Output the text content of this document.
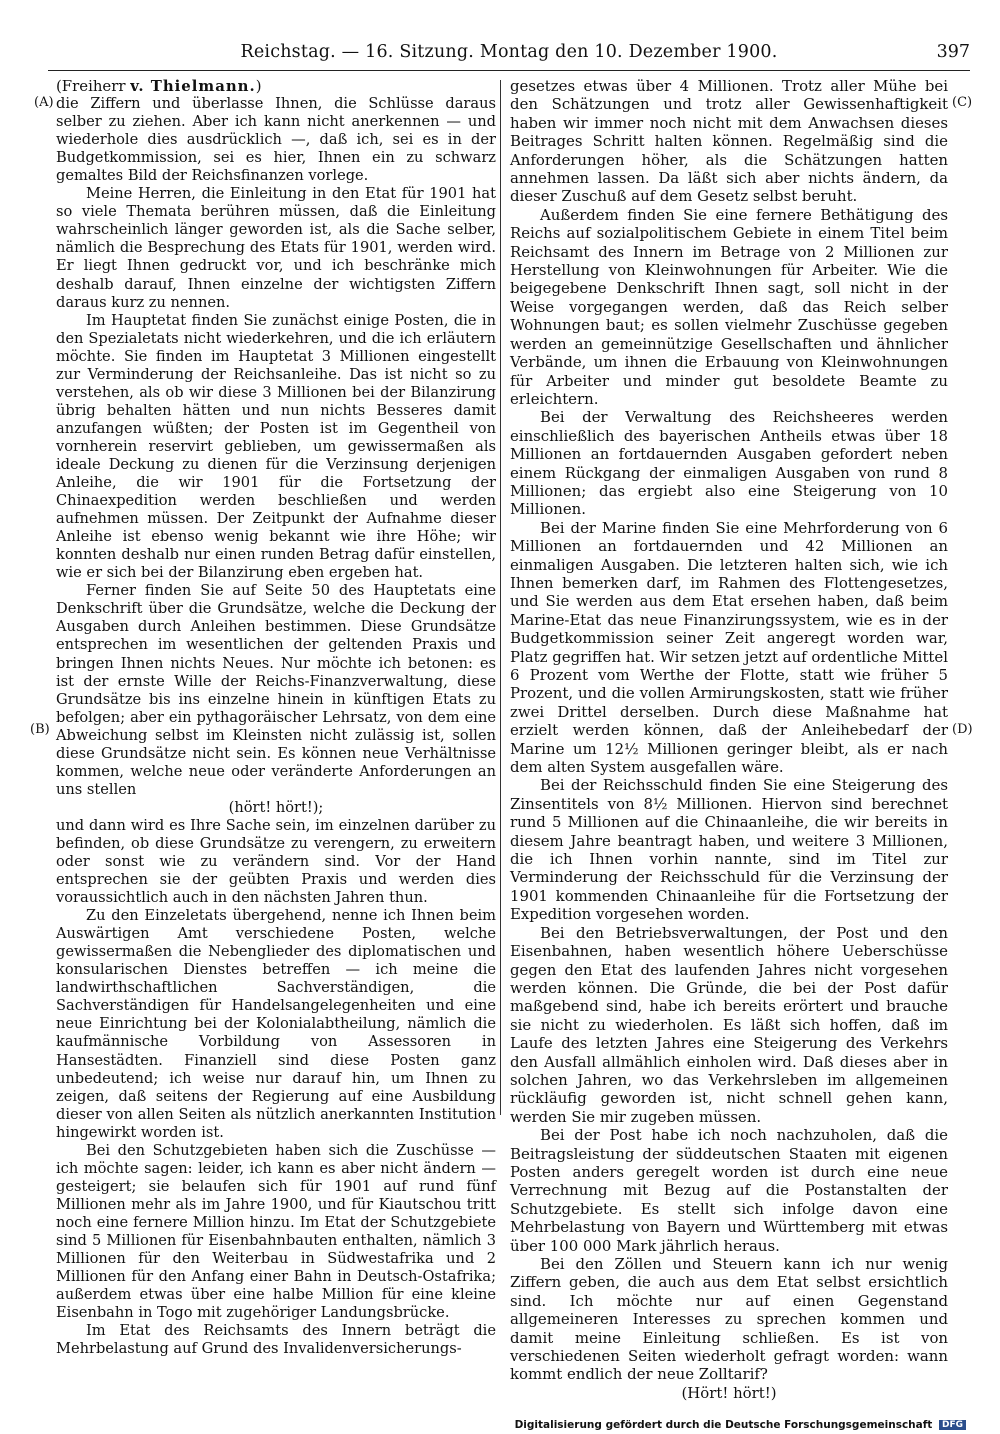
Reichstag. — 16. Sitzung. Montag den 10. Dezember 1900.	397
(A)
(B)
(C)
(D)
(Freiherr v. Thielmann.)

die Ziffern und überlasse Ihnen, die Schlüsse daraus selber zu ziehen. Aber ich kann nicht anerkennen — und wiederhole dies ausdrücklich —, daß ich, sei es in der Budgetkommission, sei es hier, Ihnen ein zu schwarz gemaltes Bild der Reichsfinanzen vorlege.

Meine Herren, die Einleitung in den Etat für 1901 hat so viele Themata berühren müssen, daß die Einleitung wahrscheinlich länger geworden ist, als die Sache selber, nämlich die Besprechung des Etats für 1901, werden wird. Er liegt Ihnen gedruckt vor, und ich beschränke mich deshalb darauf, Ihnen einzelne der wichtigsten Ziffern daraus kurz zu nennen.

Im Hauptetat finden Sie zunächst einige Posten, die in den Spezialetats nicht wiederkehren, und die ich erläutern möchte. Sie finden im Hauptetat 3 Millionen eingestellt zur Verminderung der Reichsanleihe. Das ist nicht so zu verstehen, als ob wir diese 3 Millionen bei der Bilanzirung übrig behalten hätten und nun nichts Besseres damit anzufangen wüßten; der Posten ist im Gegentheil von vornherein reservirt geblieben, um gewissermaßen als ideale Deckung zu dienen für die Verzinsung derjenigen Anleihe, die wir 1901 für die Fortsetzung der Chinaexpedition werden beschließen und werden aufnehmen müssen. Der Zeitpunkt der Aufnahme dieser Anleihe ist ebenso wenig bekannt wie ihre Höhe; wir konnten deshalb nur einen runden Betrag dafür einstellen, wie er sich bei der Bilanzirung eben ergeben hat.

Ferner finden Sie auf Seite 50 des Hauptetats eine Denkschrift über die Grundsätze, welche die Deckung der Ausgaben durch Anleihen bestimmen. Diese Grundsätze entsprechen im wesentlichen der geltenden Praxis und bringen Ihnen nichts Neues. Nur möchte ich betonen: es ist der ernste Wille der Reichs-Finanzverwaltung, diese Grundsätze bis ins einzelne hinein in künftigen Etats zu befolgen; aber ein pythagoräischer Lehrsatz, von dem eine Abweichung selbst im Kleinsten nicht zulässig ist, sollen diese Grundsätze nicht sein. Es können neue Verhältnisse kommen, welche neue oder veränderte Anforderungen an uns stellen

(hört! hört!);

und dann wird es Ihre Sache sein, im einzelnen darüber zu befinden, ob diese Grundsätze zu verengern, zu erweitern oder sonst wie zu verändern sind. Vor der Hand entsprechen sie der geübten Praxis und werden dies voraussichtlich auch in den nächsten Jahren thun.

Zu den Einzeletats übergehend, nenne ich Ihnen beim Auswärtigen Amt verschiedene Posten, welche gewissermaßen die Nebenglieder des diplomatischen und konsularischen Dienstes betreffen — ich meine die landwirthschaftlichen Sachverständigen, die Sachverständigen für Handelsangelegenheiten und eine neue Einrichtung bei der Kolonialabtheilung, nämlich die kaufmännische Vorbildung von Assessoren in Hansestädten. Finanziell sind diese Posten ganz unbedeutend; ich weise nur darauf hin, um Ihnen zu zeigen, daß seitens der Regierung auf eine Ausbildung dieser von allen Seiten als nützlich anerkannten Institution hingewirkt worden ist.

Bei den Schutzgebieten haben sich die Zuschüsse — ich möchte sagen: leider, ich kann es aber nicht ändern — gesteigert; sie belaufen sich für 1901 auf rund fünf Millionen mehr als im Jahre 1900, und für Kiautschou tritt noch eine fernere Million hinzu. Im Etat der Schutzgebiete sind 5 Millionen für Eisenbahnbauten enthalten, nämlich 3 Millionen für den Weiterbau in Südwestafrika und 2 Millionen für den Anfang einer Bahn in Deutsch-Ostafrika; außerdem etwas über eine halbe Million für eine kleine Eisenbahn in Togo mit zugehöriger Landungsbrücke.

Im Etat des Reichsamts des Innern beträgt die Mehrbelastung auf Grund des Invalidenversicherungs-

gesetzes etwas über 4 Millionen. Trotz aller Mühe bei den Schätzungen und trotz aller Gewissenhaftigkeit haben wir immer noch nicht mit dem Anwachsen dieses Beitrages Schritt halten können. Regelmäßig sind die Anforderungen höher, als die Schätzungen hatten annehmen lassen. Da läßt sich aber nichts ändern, da dieser Zuschuß auf dem Gesetz selbst beruht.

Außerdem finden Sie eine fernere Bethätigung des Reichs auf sozialpolitischem Gebiete in einem Titel beim Reichsamt des Innern im Betrage von 2 Millionen zur Herstellung von Kleinwohnungen für Arbeiter. Wie die beigegebene Denkschrift Ihnen sagt, soll nicht in der Weise vorgegangen werden, daß das Reich selber Wohnungen baut; es sollen vielmehr Zuschüsse gegeben werden an gemeinnützige Gesellschaften und ähnlicher Verbände, um ihnen die Erbauung von Kleinwohnungen für Arbeiter und minder gut besoldete Beamte zu erleichtern.

Bei der Verwaltung des Reichsheeres werden einschließlich des bayerischen Antheils etwas über 18 Millionen an fortdauernden Ausgaben gefordert neben einem Rückgang der einmaligen Ausgaben von rund 8 Millionen; das ergiebt also eine Steigerung von 10 Millionen.

Bei der Marine finden Sie eine Mehrforderung von 6 Millionen an fortdauernden und 42 Millionen an einmaligen Ausgaben. Die letzteren halten sich, wie ich Ihnen bemerken darf, im Rahmen des Flottengesetzes, und Sie werden aus dem Etat ersehen haben, daß beim Marine-Etat das neue Finanzirungssystem, wie es in der Budgetkommission seiner Zeit angeregt worden war, Platz gegriffen hat. Wir setzen jetzt auf ordentliche Mittel 6 Prozent vom Werthe der Flotte, statt wie früher 5 Prozent, und die vollen Armirungskosten, statt wie früher zwei Drittel derselben. Durch diese Maßnahme hat erzielt werden können, daß der Anleihebedarf der Marine um 12½ Millionen geringer bleibt, als er nach dem alten System ausgefallen wäre.

Bei der Reichsschuld finden Sie eine Steigerung des Zinsentitels von 8½ Millionen. Hiervon sind berechnet rund 5 Millionen auf die Chinaanleihe, die wir bereits in diesem Jahre beantragt haben, und weitere 3 Millionen, die ich Ihnen vorhin nannte, sind im Titel zur Verminderung der Reichsschuld für die Verzinsung der 1901 kommenden Chinaanleihe für die Fortsetzung der Expedition vorgesehen worden.

Bei den Betriebsverwaltungen, der Post und den Eisenbahnen, haben wesentlich höhere Ueberschüsse gegen den Etat des laufenden Jahres nicht vorgesehen werden können. Die Gründe, die bei der Post dafür maßgebend sind, habe ich bereits erörtert und brauche sie nicht zu wiederholen. Es läßt sich hoffen, daß im Laufe des letzten Jahres eine Steigerung des Verkehrs den Ausfall allmählich einholen wird. Daß dieses aber in solchen Jahren, wo das Verkehrsleben im allgemeinen rückläufig geworden ist, nicht schnell gehen kann, werden Sie mir zugeben müssen.

Bei der Post habe ich noch nachzuholen, daß die Beitragsleistung der süddeutschen Staaten mit eigenen Posten anders geregelt worden ist durch eine neue Verrechnung mit Bezug auf die Postanstalten der Schutzgebiete. Es stellt sich infolge davon eine Mehrbelastung von Bayern und Württemberg mit etwas über 100 000 Mark jährlich heraus.

Bei den Zöllen und Steuern kann ich nur wenig Ziffern geben, die auch aus dem Etat selbst ersichtlich sind. Ich möchte nur auf einen Gegenstand allgemeineren Interesses zu sprechen kommen und damit meine Einleitung schließen. Es ist von verschiedenen Seiten wiederholt gefragt worden: wann kommt endlich der neue Zolltarif?

(Hört! hört!)

Digitalisierung gefördert durch die Deutsche Forschungsgemeinschaft DFG
